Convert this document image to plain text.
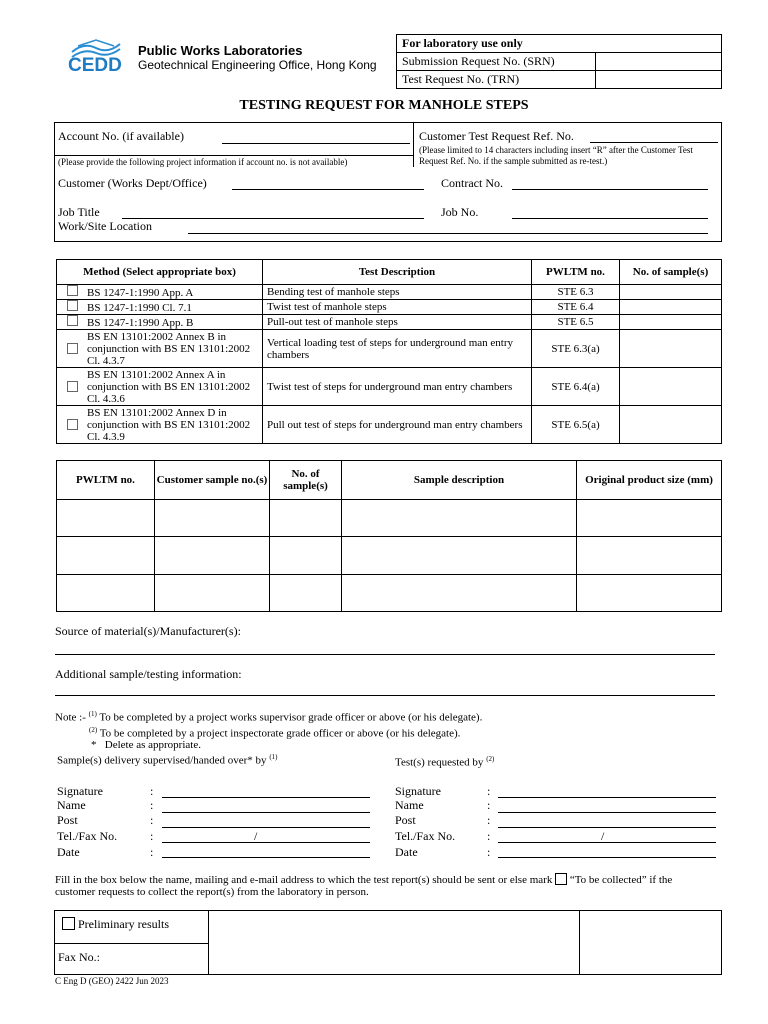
CEDD
Public Works Laboratories
Geotechnical Engineering Office, Hong Kong
For laboratory use only	
Submission Request No. (SRN)	
Test Request No. (TRN)	
TESTING REQUEST FOR MANHOLE STEPS
Account No. (if available)	Customer Test Request Ref. No.
(Please limited to 14 characters including insert “R” after the Customer Test Request Ref. No. if the sample submitted as re-test.)
(Please provide the following project information if account no. is not available)
Customer (Works Dept/Office)	Contract No.
Job Title	Job No.
Work/Site Location
Method (Select appropriate box)	Test Description	PWLTM no.	No. of sample(s)
BS 1247-1:1990 App. A	Bending test of manhole steps	STE 6.3	
BS 1247-1:1990 Cl. 7.1	Twist test of manhole steps	STE 6.4	
BS 1247-1:1990 App. B	Pull-out test of manhole steps	STE 6.5	

BS EN 13101:2002 Annex B in conjunction with BS EN 13101:2002 Cl. 4.3.7	Vertical loading test of steps for underground man entry chambers	STE 6.3(a)	

BS EN 13101:2002 Annex A in conjunction with BS EN 13101:2002 Cl. 4.3.6	Twist test of steps for underground man entry chambers	STE 6.4(a)	

BS EN 13101:2002 Annex D in conjunction with BS EN 13101:2002 Cl. 4.3.9	Pull out test of steps for underground man entry chambers	STE 6.5(a)	
PWLTM no.	Customer sample no.(s)	No. of sample(s)	Sample description	Original product size (mm)

Source of material(s)/Manufacturer(s):
Additional sample/testing information:
Note :- $^{(1)}$ To be completed by a project works supervisor grade officer or above (or his delegate).
$^{(2)}$ To be completed by a project inspectorate grade officer or above (or his delegate).
* Delete as appropriate.
Sample(s) delivery supervised/handed over* by $^{(1)}$	Test(s) requested by $^{(2)}$
Signature
Name
Post
Tel./Fax No.
Date
:
:
:
:
:
/
Signature
Name
Post
Tel./Fax No.
Date
:
:
:
:
:
/
Fill in the box below the name, mailing and e-mail address to which the test report(s) should be sent or else mark “To be collected” if the
customer requests to collect the report(s) from the laboratory in person.
Preliminary results
Fax No.:
C Eng D (GEO) 2422 Jun 2023
